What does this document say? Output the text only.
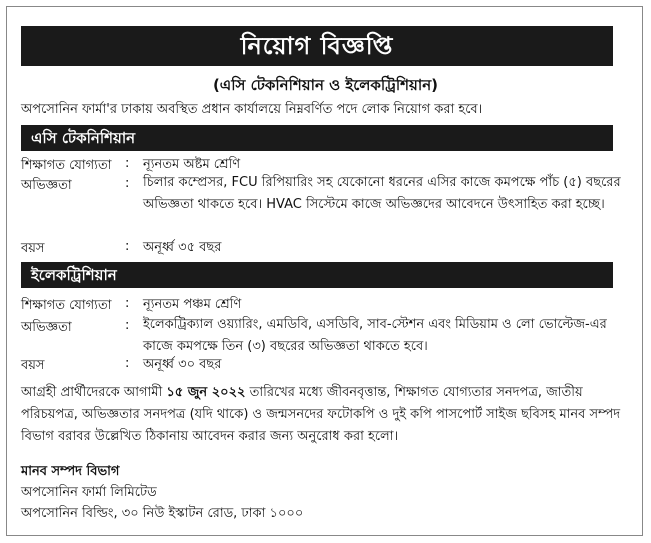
নিয়োগ বিজ্ঞপ্তি
(এসি টেকনিশিয়ান ও ইলেকট্রিশিয়ান)
অপসোনিন ফার্মা'র ঢাকায় অবস্থিত প্রধান কার্যালয়ে নিম্নবর্ণিত পদে লোক নিয়োগ করা হবে।
এসি টেকনিশিয়ান
শিক্ষাগত যোগ্যতা : ন্যূনতম অষ্টম শ্রেণি
অভিজ্ঞতা	: চিলার কম্প্রেসর, FCU রিপিয়ারিং সহ যেকোনো ধরনের এসির কাজে কমপক্ষে পাঁচ (৫) বছরের অভিজ্ঞতা থাকতে হবে। HVAC সিস্টেমে কাজে অভিজ্ঞদের আবেদনে উৎসাহিত করা হচ্ছে।
বয়স	: অনূর্ধ্ব ৩৫ বছর
ইলেকট্রিশিয়ান
শিক্ষাগত যোগ্যতা : ন্যূনতম পঞ্চম শ্রেণি
অভিজ্ঞতা	: ইলেকট্রিক্যাল ওয়্যারিং, এমডিবি, এসডিবি, সাব-স্টেশন এবং মিডিয়াম ও লো ভোল্টেজ-এর কাজে কমপক্ষে তিন (৩) বছরের অভিজ্ঞতা থাকতে হবে।
বয়স	: অনূর্ধ্ব ৩০ বছর
আগ্রহী প্রার্থীদেরকে আগামী ১৫ জুন ২০২২ তারিখের মধ্যে জীবনবৃত্তান্ত, শিক্ষাগত যোগ্যতার সনদপত্র, জাতীয় পরিচয়পত্র, অভিজ্ঞতার সনদপত্র (যদি থাকে) ও জন্মসনদের ফটোকপি ও দুই কপি পাসপোর্ট সাইজ ছবিসহ মানব সম্পদ বিভাগ বরাবর উল্লেখিত ঠিকানায় আবেদন করার জন্য অনুরোধ করা হলো।
মানব সম্পদ বিভাগ
অপসোনিন ফার্মা লিমিটেড
অপসোনিন বিল্ডিং, ৩০ নিউ ইস্কাটন রোড, ঢাকা ১০০০
